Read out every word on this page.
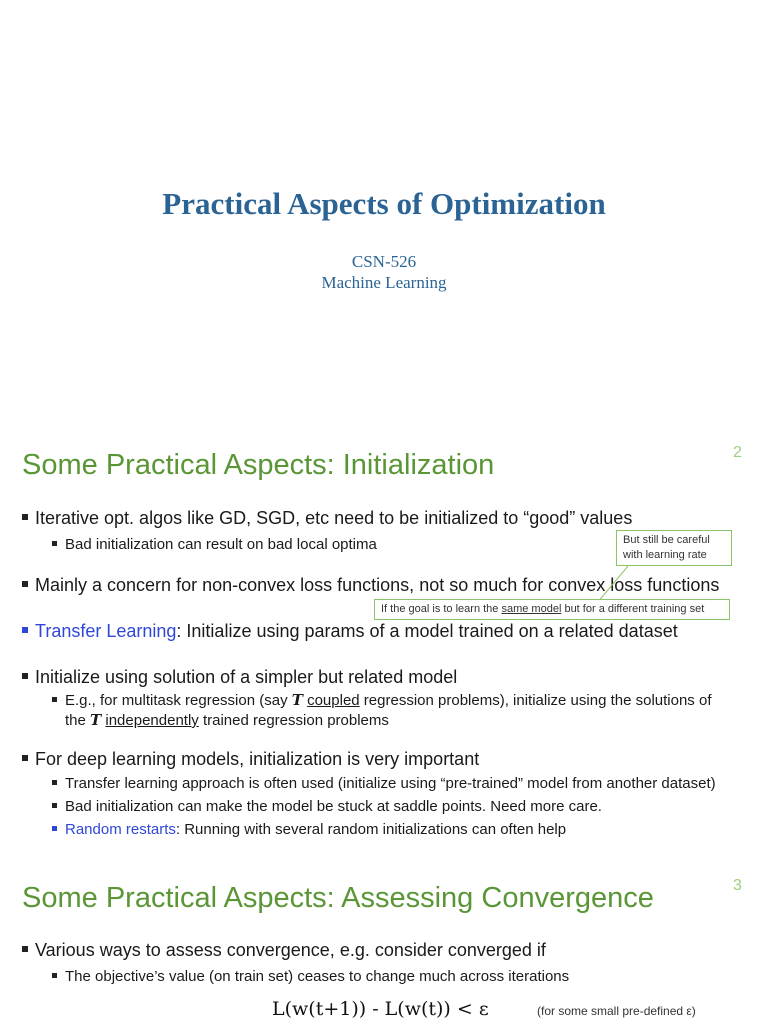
Practical Aspects of Optimization
CSN-526
Machine Learning
Some Practical Aspects: Initialization	2
Iterative opt. algos like GD, SGD, etc need to be initialized to “good” values
Bad initialization can result on bad local optima	But still be careful
with learning rate
Mainly a concern for non-convex loss functions, not so much for convex loss functions
If the goal is to learn the same model but for a different training set
Transfer Learning: Initialize using params of a model trained on a related dataset
Initialize using solution of a simpler but related model
E.g., for multitask regression (say T coupled regression problems), initialize using the solutions of
the T independently trained regression problems
For deep learning models, initialization is very important
Transfer learning approach is often used (initialize using “pre-trained” model from another dataset)
Bad initialization can make the model be stuck at saddle points. Need more care.
Random restarts: Running with several random initializations can often help
Some Practical Aspects: Assessing Convergence	3
Various ways to assess convergence, e.g. consider converged if
The objective’s value (on train set) ceases to change much across iterations
L(w(t+1)) - L(w(t)) < ε	(for some small pre-defined ε)
